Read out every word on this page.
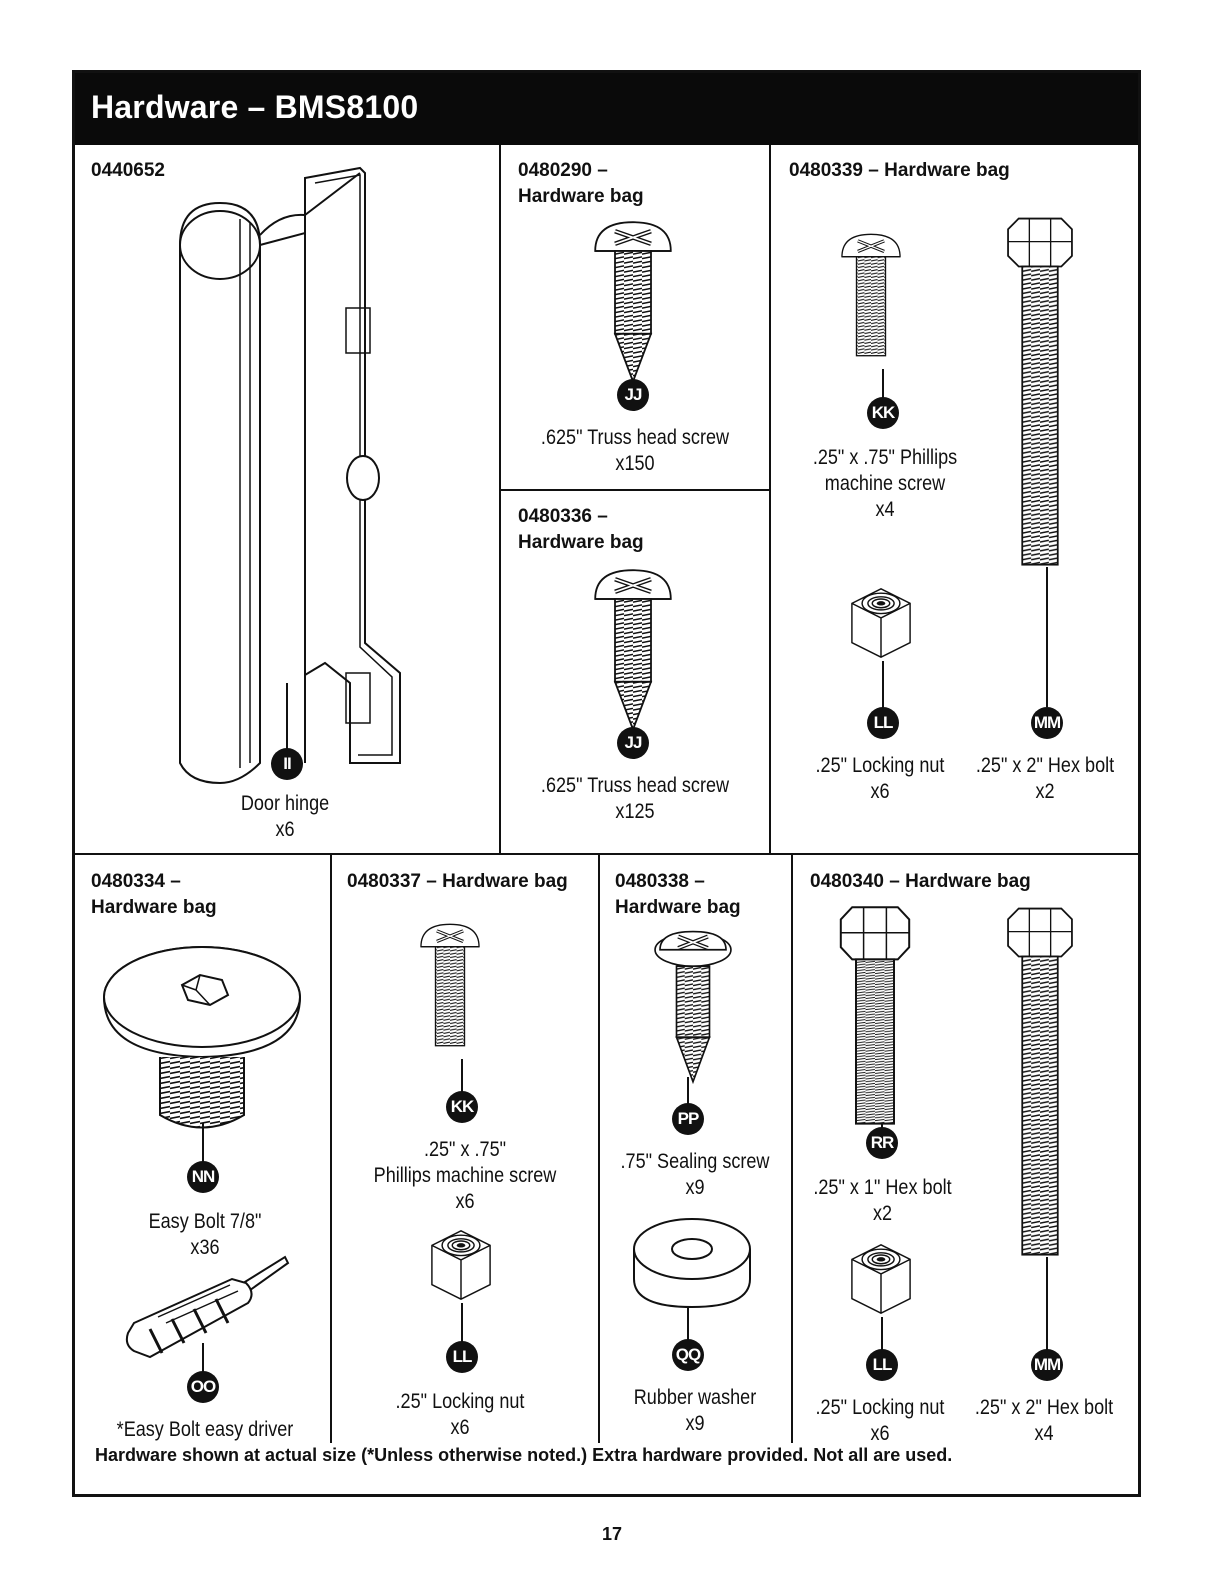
Hardware – BMS8100
0440652
II
Door hinge
x6
0480290 –
Hardware bag
JJ
.625" Truss head screw
x150
0480336 –
Hardware bag
JJ
.625" Truss head screw
x125
0480339 – Hardware bag
KK
.25" x .75" Phillips
machine screw
x4
LL
.25" Locking nut
x6
MM
.25" x 2" Hex bolt
x2
0480334 –
Hardware bag
NN
Easy Bolt 7/8"
x36
OO
*Easy Bolt easy driver
0480337 – Hardware bag
KK
.25" x .75"
Phillips machine screw
x6
LL
.25" Locking nut
x6
0480338 –
Hardware bag
PP
.75" Sealing screw
x9
QQ
Rubber washer
x9
0480340 – Hardware bag
RR
.25" x 1" Hex bolt
x2
LL
.25" Locking nut
x6
MM
.25" x 2" Hex bolt
x4
Hardware shown at actual size (*Unless otherwise noted.) Extra hardware provided. Not all are used.
17
